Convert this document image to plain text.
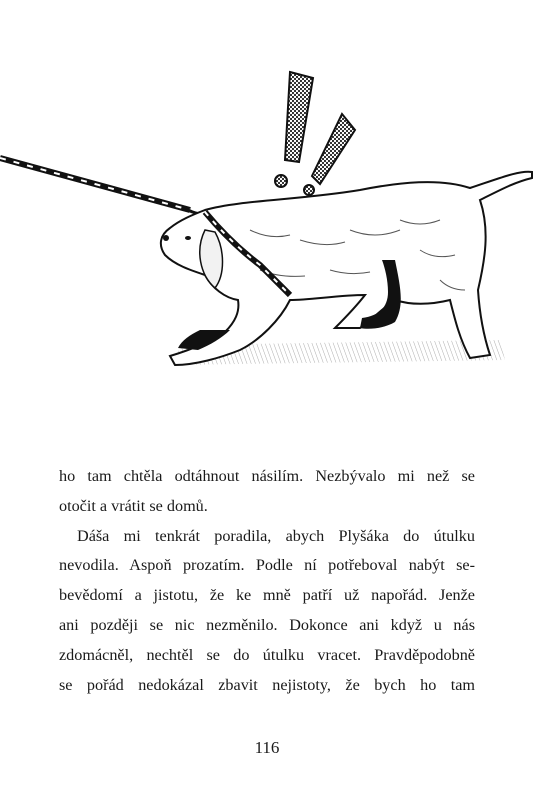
ho tam chtěla odtáhnout násilím. Nezbývalo mi než se
otočit a vrátit se domů.
Dáša mi tenkrát poradila, abych Plyšáka do útulku
nevodila. Aspoň prozatím. Podle ní potřeboval nabýt se-
bevědomí a jistotu, že ke mně patří už napořád. Jenže
ani později se nic nezměnilo. Dokonce ani když u nás
zdomácněl, nechtěl se do útulku vracet. Pravděpodobně
se pořád nedokázal zbavit nejistoty, že bych ho tam
116
